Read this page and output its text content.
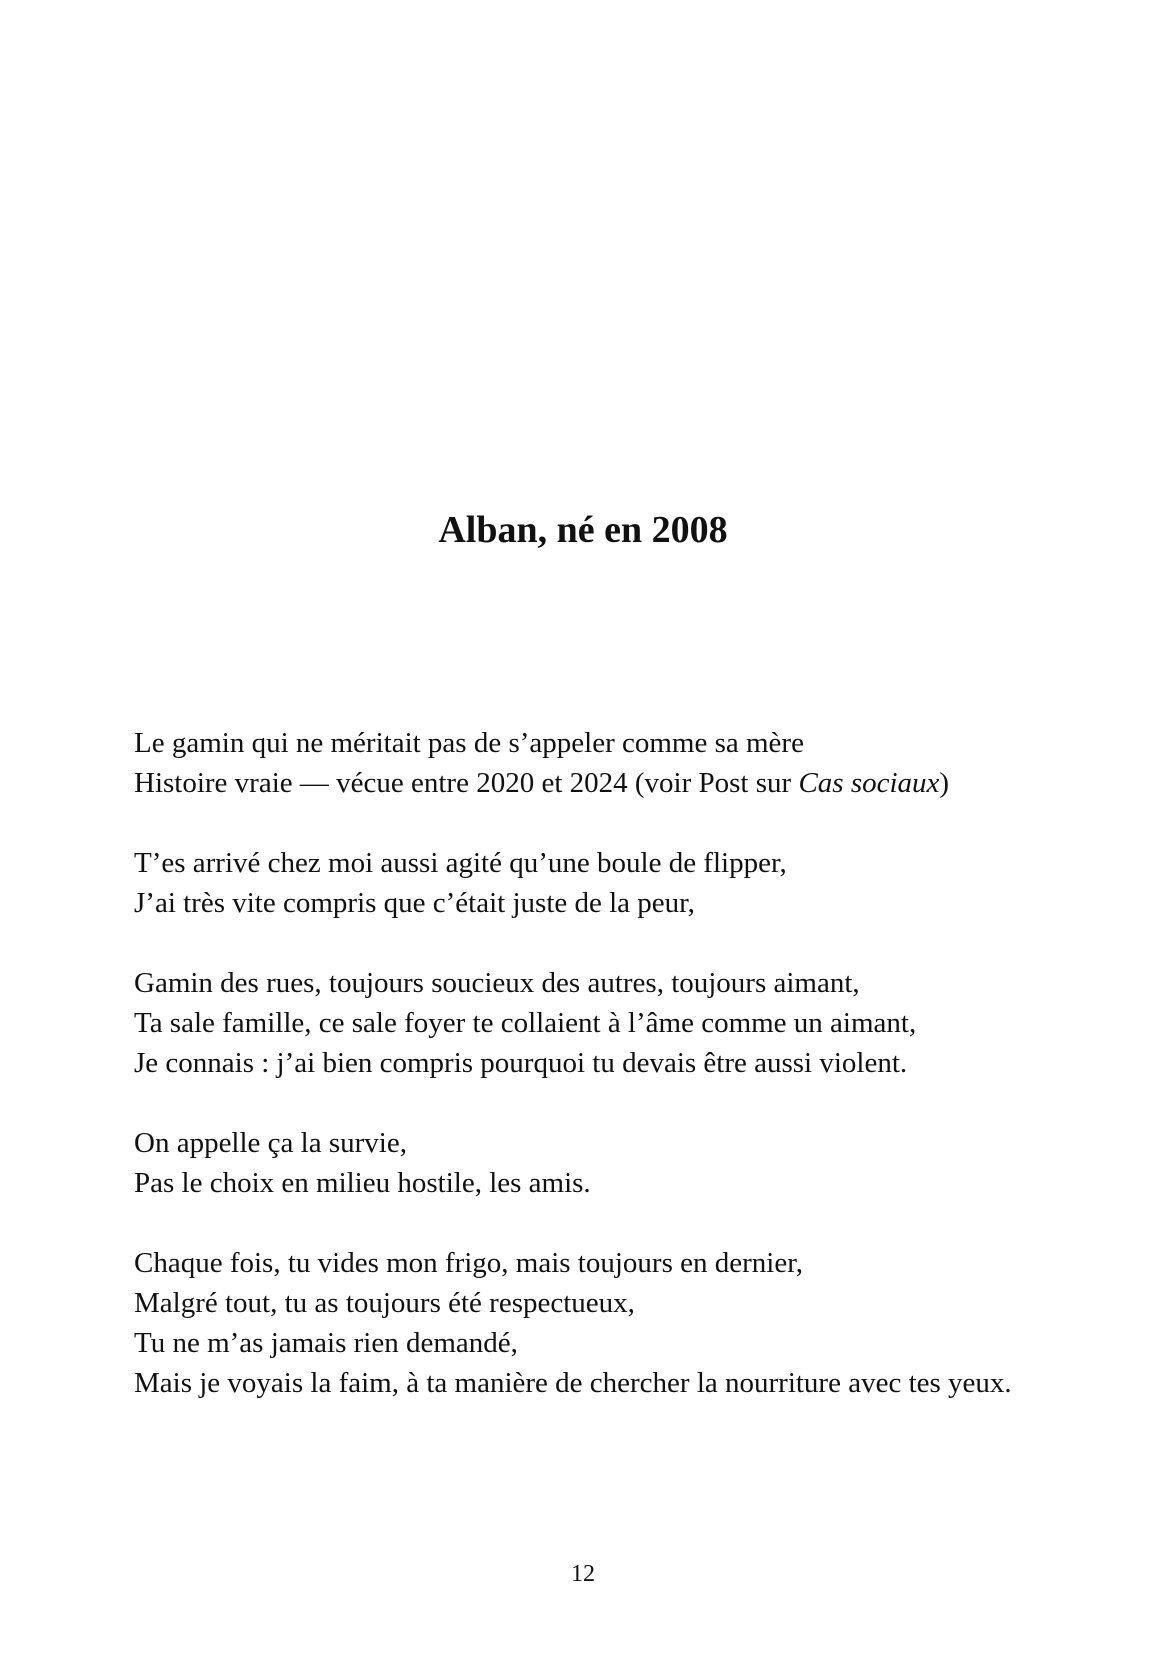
Alban, né en 2008
Le gamin qui ne méritait pas de s’appeler comme sa mère
Histoire vraie — vécue entre 2020 et 2024 (voir Post sur Cas sociaux)
T’es arrivé chez moi aussi agité qu’une boule de flipper,
J’ai très vite compris que c’était juste de la peur,
Gamin des rues, toujours soucieux des autres, toujours aimant,
Ta sale famille, ce sale foyer te collaient à l’âme comme un aimant,
Je connais : j’ai bien compris pourquoi tu devais être aussi violent.
On appelle ça la survie,
Pas le choix en milieu hostile, les amis.
Chaque fois, tu vides mon frigo, mais toujours en dernier,
Malgré tout, tu as toujours été respectueux,
Tu ne m’as jamais rien demandé,
Mais je voyais la faim, à ta manière de chercher la nourriture avec tes yeux.
12
